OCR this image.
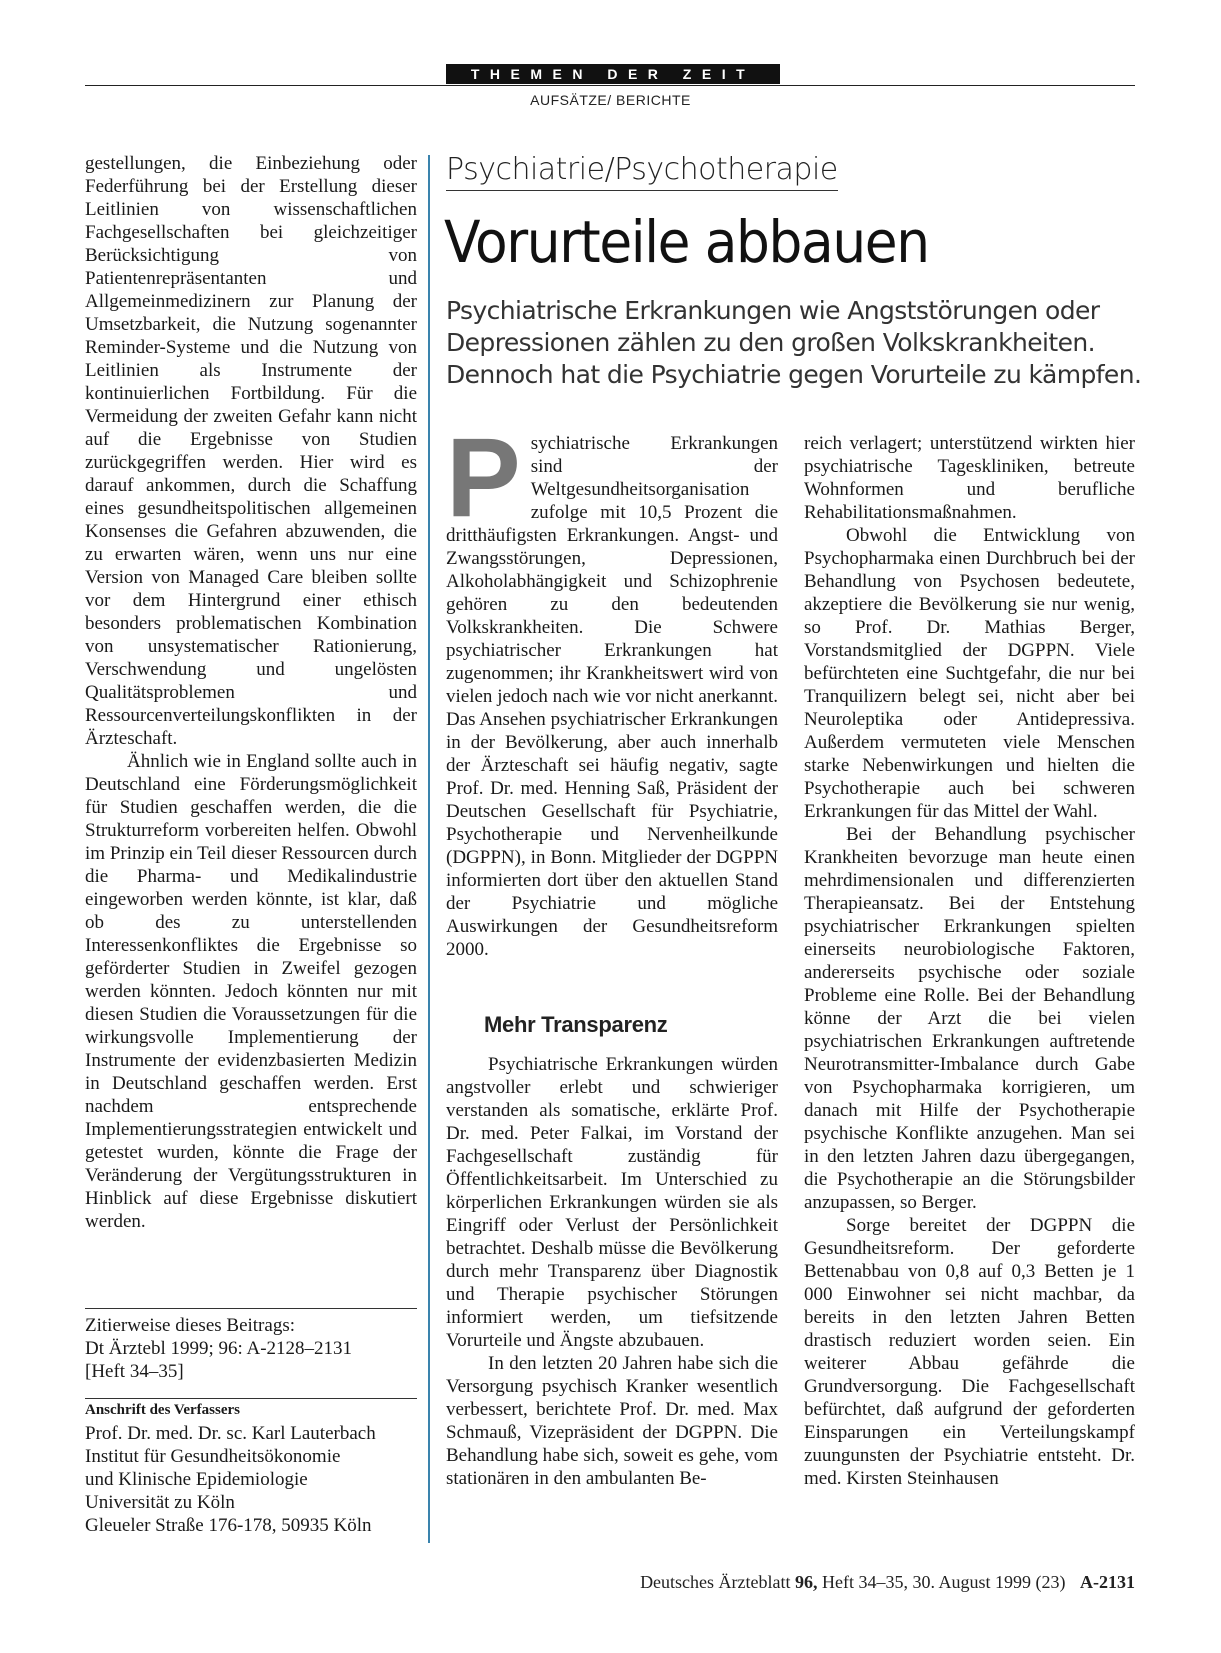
THEMEN DER ZEIT
AUFSÄTZE/ BERICHTE

gestellungen, die Einbeziehung oder Federführung bei der Erstellung dieser Leitlinien von wissenschaftlichen Fachgesellschaften bei gleichzeitiger Berücksichtigung von Patientenrepräsentanten und Allgemeinmedizinern zur Planung der Umsetzbarkeit, die Nutzung sogenannter Reminder-Systeme und die Nutzung von Leitlinien als Instrumente der kontinuierlichen Fortbildung. Für die Vermeidung der zweiten Gefahr kann nicht auf die Ergebnisse von Studien zurückgegriffen werden. Hier wird es darauf ankommen, durch die Schaffung eines gesundheitspolitischen allgemeinen Konsenses die Gefahren abzuwenden, die zu erwarten wären, wenn uns nur eine Version von Managed Care bleiben sollte vor dem Hintergrund einer ethisch besonders problematischen Kombination von unsystematischer Rationierung, Verschwendung und ungelösten Qualitätsproblemen und Ressourcenverteilungskonflikten in der Ärzteschaft.

Ähnlich wie in England sollte auch in Deutschland eine Förderungsmöglichkeit für Studien geschaffen werden, die die Strukturreform vorbereiten helfen. Obwohl im Prinzip ein Teil dieser Ressourcen durch die Pharma- und Medikalindustrie eingeworben werden könnte, ist klar, daß ob des zu unterstellenden Interessenkonfliktes die Ergebnisse so geförderter Studien in Zweifel gezogen werden könnten. Jedoch könnten nur mit diesen Studien die Voraussetzungen für die wirkungsvolle Implementierung der Instrumente der evidenzbasierten Medizin in Deutschland geschaffen werden. Erst nachdem entsprechende Implementierungsstrategien entwickelt und getestet wurden, könnte die Frage der Veränderung der Vergütungsstrukturen in Hinblick auf diese Ergebnisse diskutiert werden.

Zitierweise dieses Beitrags:
Dt Ärztebl 1999; 96: A-2128–2131
[Heft 34–35]
Anschrift des Verfassers
Prof. Dr. med. Dr. sc. Karl Lauterbach
Institut für Gesundheitsökonomie
und Klinische Epidemiologie
Universität zu Köln
Gleueler Straße 176-178, 50935 Köln
Psychiatrie/Psychotherapie
Vorurteile abbauen
Psychiatrische Erkrankungen wie Angststörungen oder Depressionen zählen zu den großen Volkskrankheiten. Dennoch hat die Psychiatrie gegen Vorurteile zu kämpfen.

Psychiatrische Erkrankungen sind der Weltgesundheitsorganisation zufolge mit 10,5 Prozent die dritthäufigsten Erkrankungen. Angst- und Zwangsstörungen, Depressionen, Alkoholabhängigkeit und Schizophrenie gehören zu den bedeutenden Volkskrankheiten. Die Schwere psychiatrischer Erkrankungen hat zugenommen; ihr Krankheitswert wird von vielen jedoch nach wie vor nicht anerkannt. Das Ansehen psychiatrischer Erkrankungen in der Bevölkerung, aber auch innerhalb der Ärzteschaft sei häufig negativ, sagte Prof. Dr. med. Henning Saß, Präsident der Deutschen Gesellschaft für Psychiatrie, Psychotherapie und Nervenheilkunde (DGPPN), in Bonn. Mitglieder der DGPPN informierten dort über den aktuellen Stand der Psychiatrie und mögliche Auswirkungen der Gesundheitsreform 2000.

Psychiatrische Erkrankungen würden angstvoller erlebt und schwieriger verstanden als somatische, erklärte Prof. Dr. med. Peter Falkai, im Vorstand der Fachgesellschaft zuständig für Öffentlichkeitsarbeit. Im Unterschied zu körperlichen Erkrankungen würden sie als Eingriff oder Verlust der Persönlichkeit betrachtet. Deshalb müsse die Bevölkerung durch mehr Transparenz über Diagnostik und Therapie psychischer Störungen informiert werden, um tiefsitzende Vorurteile und Ängste abzubauen.

In den letzten 20 Jahren habe sich die Versorgung psychisch Kranker wesentlich verbessert, berichtete Prof. Dr. med. Max Schmauß, Vizepräsident der DGPPN. Die Behandlung habe sich, soweit es gehe, vom stationären in den ambulanten Be-

Mehr Transparenz

reich verlagert; unterstützend wirkten hier psychiatrische Tageskliniken, betreute Wohnformen und berufliche Rehabilitationsmaßnahmen.

Obwohl die Entwicklung von Psychopharmaka einen Durchbruch bei der Behandlung von Psychosen bedeutete, akzeptiere die Bevölkerung sie nur wenig, so Prof. Dr. Mathias Berger, Vorstandsmitglied der DGPPN. Viele befürchteten eine Suchtgefahr, die nur bei Tranquilizern belegt sei, nicht aber bei Neuroleptika oder Antidepressiva. Außerdem vermuteten viele Menschen starke Nebenwirkungen und hielten die Psychotherapie auch bei schweren Erkrankungen für das Mittel der Wahl.

Bei der Behandlung psychischer Krankheiten bevorzuge man heute einen mehrdimensionalen und differenzierten Therapieansatz. Bei der Entstehung psychiatrischer Erkrankungen spielten einerseits neurobiologische Faktoren, andererseits psychische oder soziale Probleme eine Rolle. Bei der Behandlung könne der Arzt die bei vielen psychiatrischen Erkrankungen auftretende Neurotransmitter-Imbalance durch Gabe von Psychopharmaka korrigieren, um danach mit Hilfe der Psychotherapie psychische Konflikte anzugehen. Man sei in den letzten Jahren dazu übergegangen, die Psychotherapie an die Störungsbilder anzupassen, so Berger.

Sorge bereitet der DGPPN die Gesundheitsreform. Der geforderte Bettenabbau von 0,8 auf 0,3 Betten je 1 000 Einwohner sei nicht machbar, da bereits in den letzten Jahren Betten drastisch reduziert worden seien. Ein weiterer Abbau gefährde die Grundversorgung. Die Fachgesellschaft befürchtet, daß aufgrund der geforderten Einsparungen ein Verteilungskampf zuungunsten der Psychiatrie entsteht. Dr. med. Kirsten Steinhausen

Deutsches Ärzteblatt 96, Heft 34–35, 30. August 1999 (23) A-2131
